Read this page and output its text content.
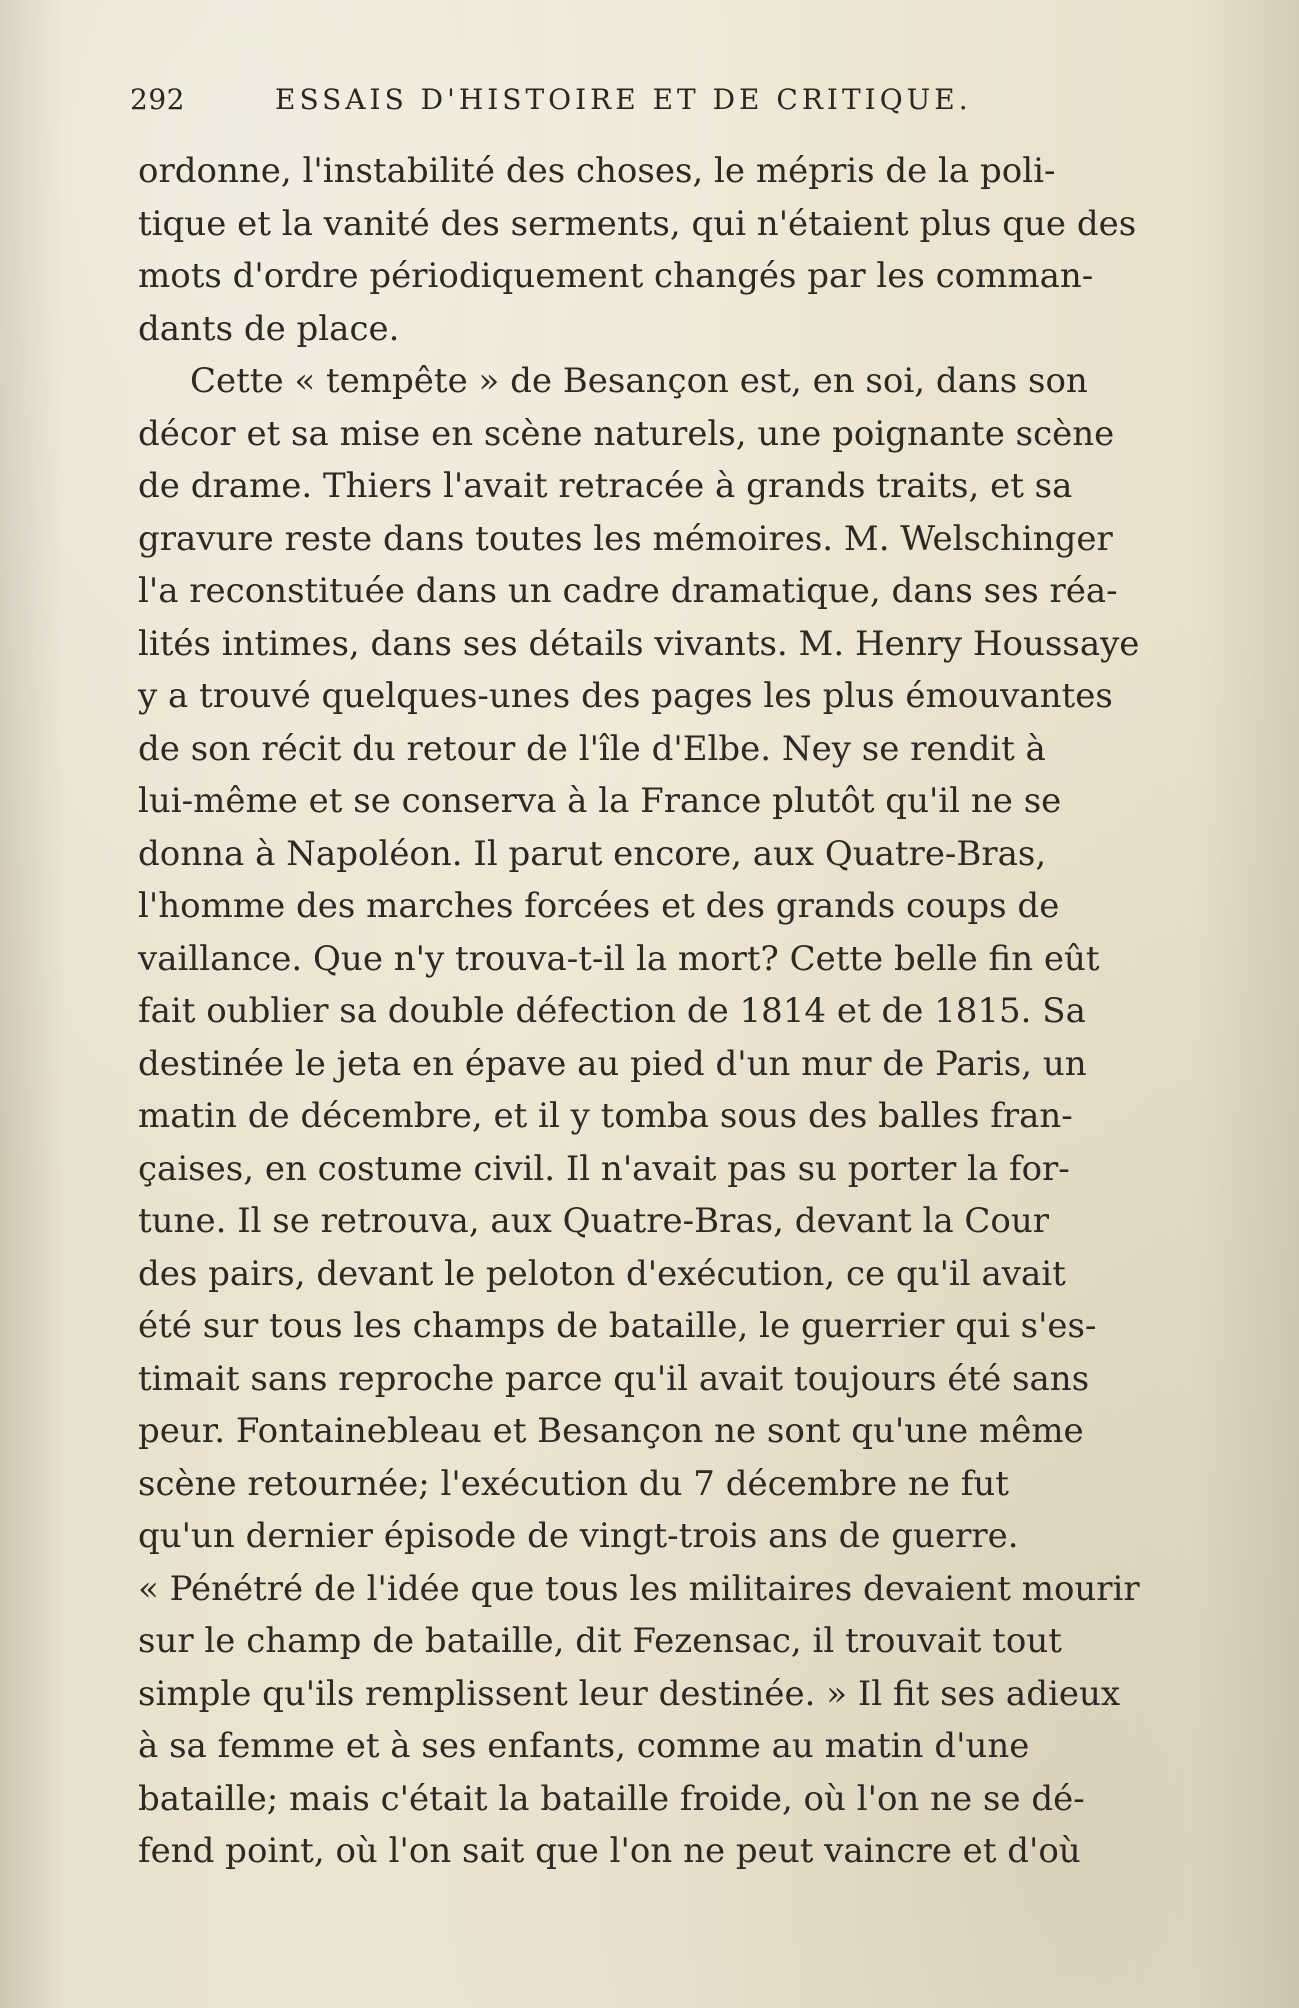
292	ESSAIS D'HISTOIRE ET DE CRITIQUE.
ordonne, l'instabilité des choses, le mépris de la poli-
tique et la vanité des serments, qui n'étaient plus que des
mots d'ordre périodiquement changés par les comman-
dants de place.
Cette « tempête » de Besançon est, en soi, dans son
décor et sa mise en scène naturels, une poignante scène
de drame. Thiers l'avait retracée à grands traits, et sa
gravure reste dans toutes les mémoires. M. Welschinger
l'a reconstituée dans un cadre dramatique, dans ses réa-
lités intimes, dans ses détails vivants. M. Henry Houssaye
y a trouvé quelques-unes des pages les plus émouvantes
de son récit du retour de l'île d'Elbe. Ney se rendit à
lui-même et se conserva à la France plutôt qu'il ne se
donna à Napoléon. Il parut encore, aux Quatre-Bras,
l'homme des marches forcées et des grands coups de
vaillance. Que n'y trouva-t-il la mort? Cette belle fin eût
fait oublier sa double défection de 1814 et de 1815. Sa
destinée le jeta en épave au pied d'un mur de Paris, un
matin de décembre, et il y tomba sous des balles fran-
çaises, en costume civil. Il n'avait pas su porter la for-
tune. Il se retrouva, aux Quatre-Bras, devant la Cour
des pairs, devant le peloton d'exécution, ce qu'il avait
été sur tous les champs de bataille, le guerrier qui s'es-
timait sans reproche parce qu'il avait toujours été sans
peur. Fontainebleau et Besançon ne sont qu'une même
scène retournée; l'exécution du 7 décembre ne fut
qu'un dernier épisode de vingt-trois ans de guerre.
« Pénétré de l'idée que tous les militaires devaient mourir
sur le champ de bataille, dit Fezensac, il trouvait tout
simple qu'ils remplissent leur destinée. » Il fit ses adieux
à sa femme et à ses enfants, comme au matin d'une
bataille; mais c'était la bataille froide, où l'on ne se dé-
fend point, où l'on sait que l'on ne peut vaincre et d'où
